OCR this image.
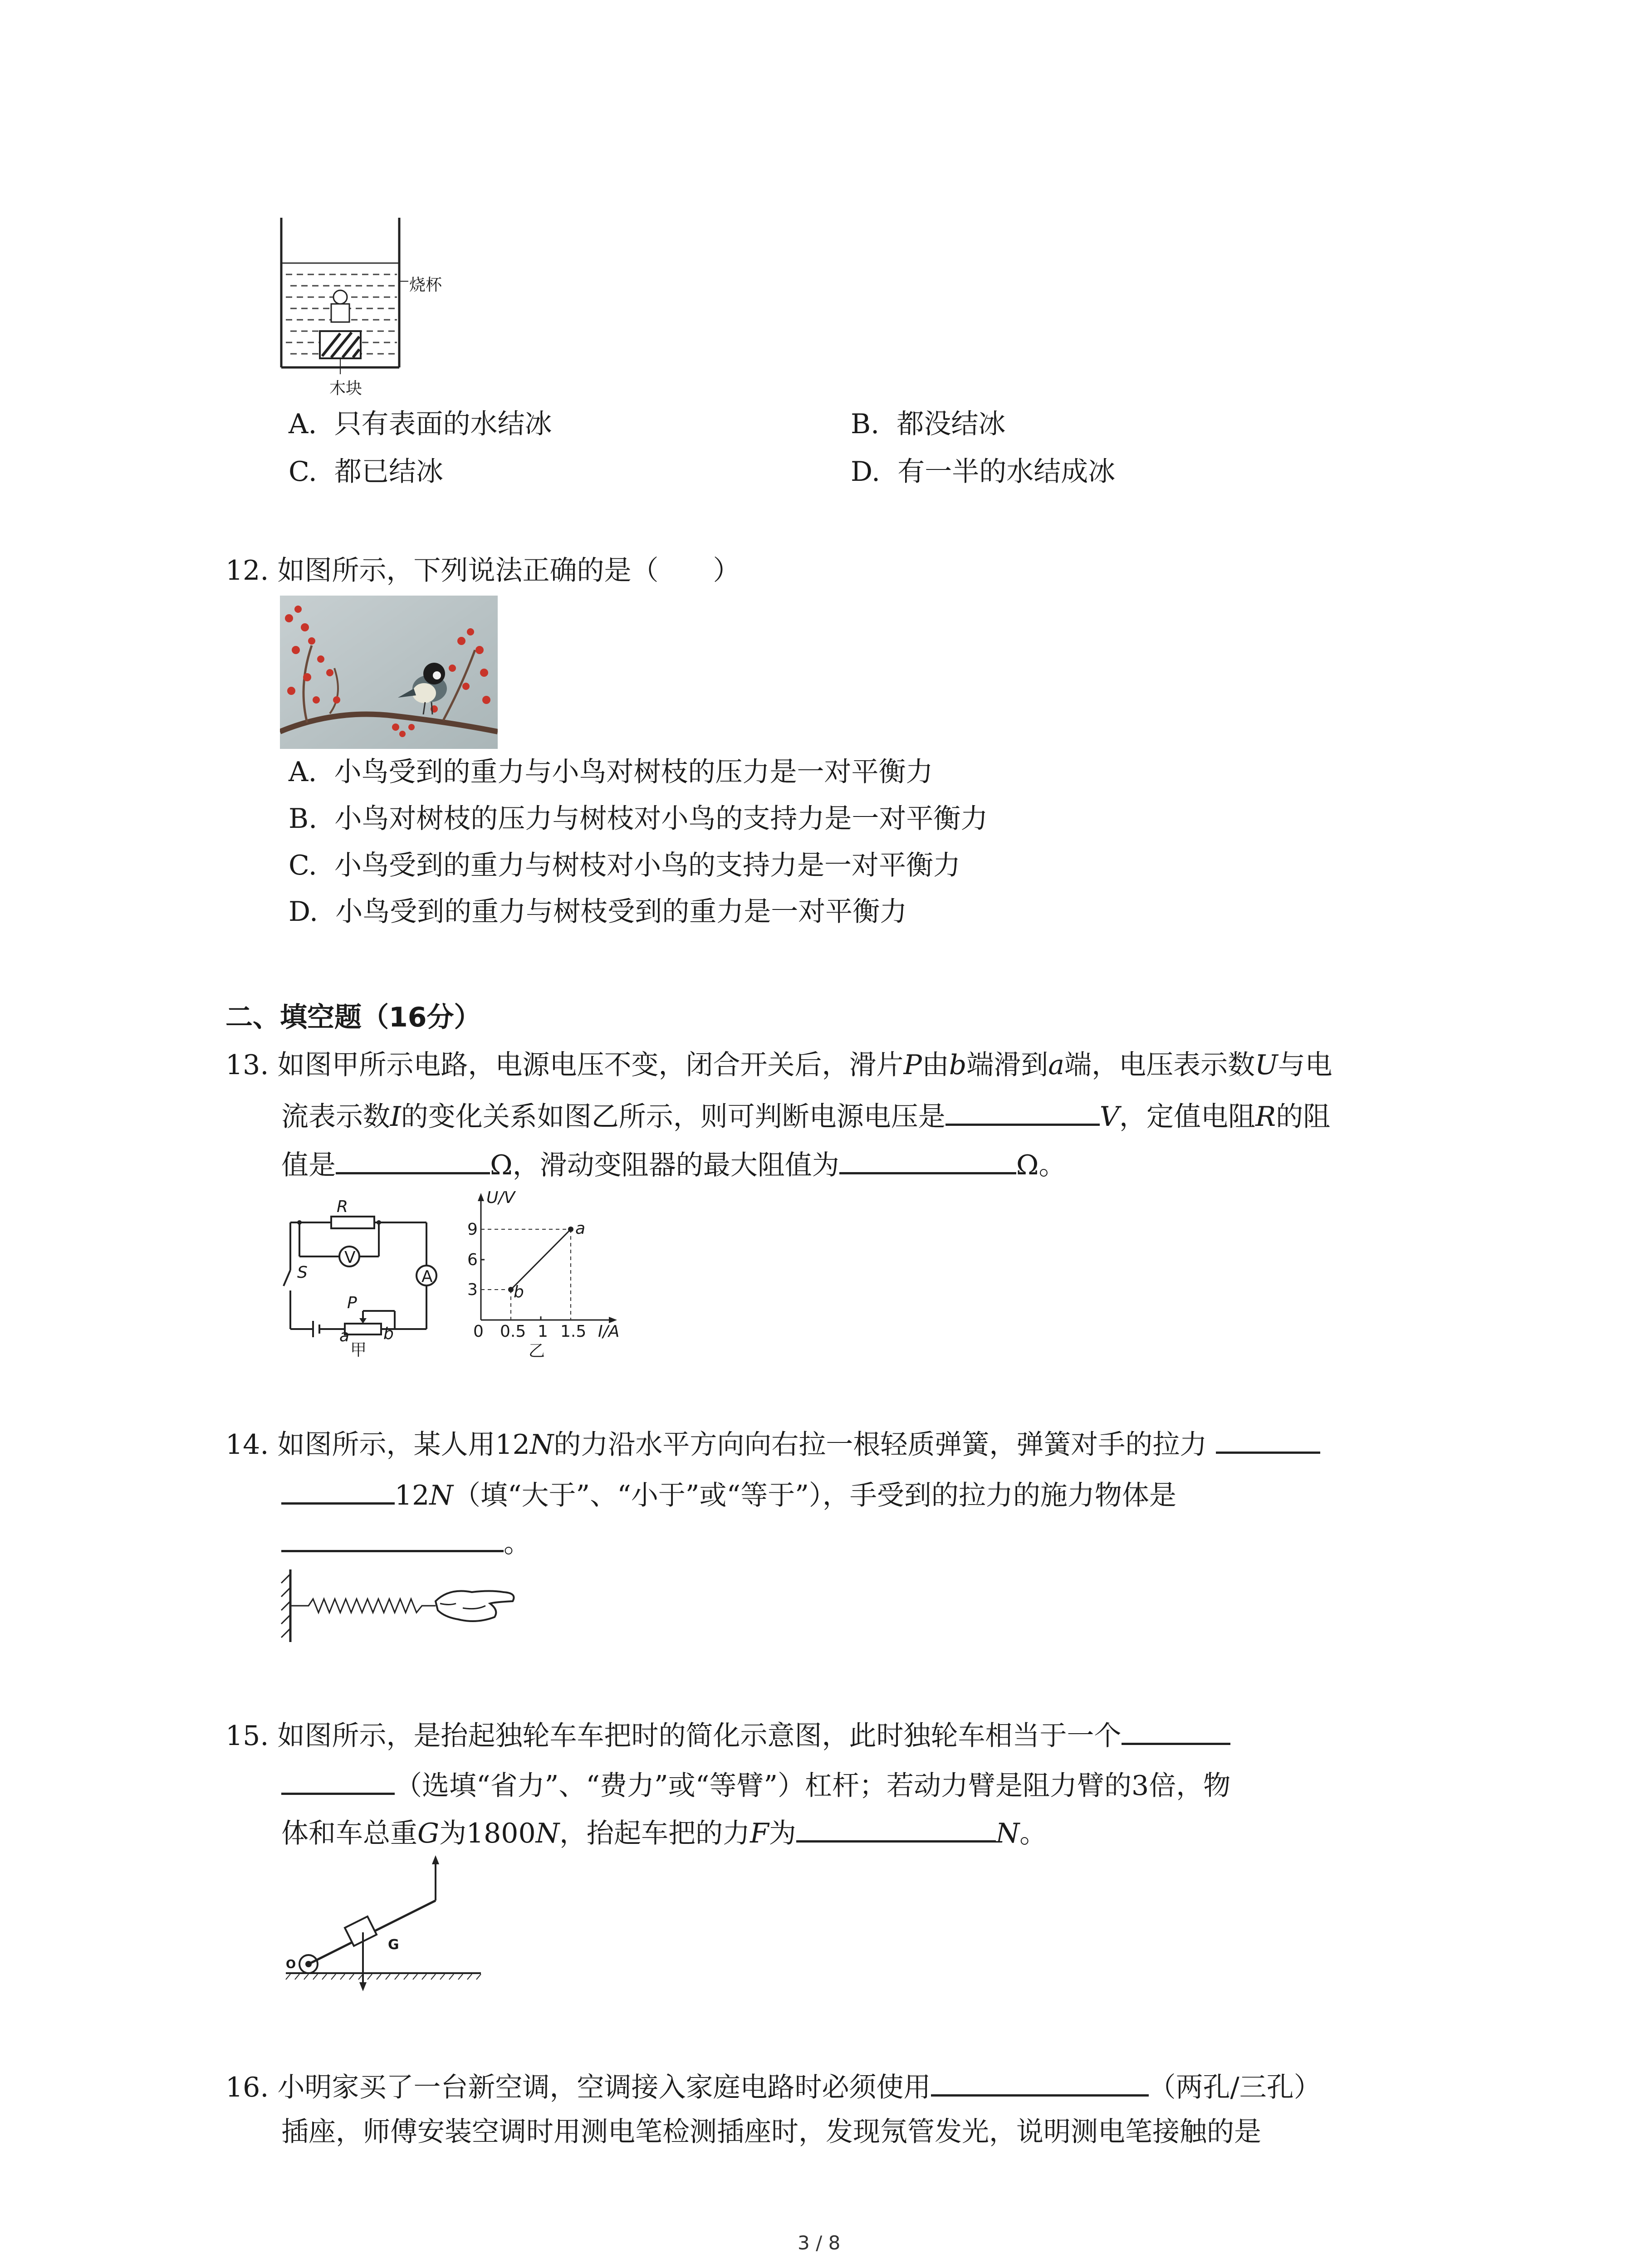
烧杯
木块
A. 只有表面的水结冰	B. 都没结冰
C. 都已结冰	D. 有一半的水结成冰
12. 如图所示，下列说法正确的是（　　）
A. 小鸟受到的重力与小鸟对树枝的压力是一对平衡力
B. 小鸟对树枝的压力与树枝对小鸟的支持力是一对平衡力
C. 小鸟受到的重力与树枝对小鸟的支持力是一对平衡力
D. 小鸟受到的重力与树枝受到的重力是一对平衡力
二、填空题（16分）
13. 如图甲所示电路，电源电压不变，闭合开关后，滑片P由b端滑到a端，电压表示数U与电
流表示数I的变化关系如图乙所示，则可判断电源电压是	V，定值电阻R的阻
值是	Ω，滑动变阻器的最大阻值为	Ω。
R
V
A
S
P
a b
甲
U/V
9
6
3
0 0.5 1 1.5 I/A
a
b
乙
14. 如图所示，某人用12N的力沿水平方向向右拉一根轻质弹簧，弹簧对手的拉力
12N（填“大于”、“小于”或“等于”），手受到的拉力的施力物体是
。
15. 如图所示，是抬起独轮车车把时的简化示意图，此时独轮车相当于一个
（选填“省力”、“费力”或“等臂”）杠杆；若动力臂是阻力臂的3倍，物
体和车总重G为1800N，抬起车把的力F为	N。
G
O
16. 小明家买了一台新空调，空调接入家庭电路时必须使用	（两孔/三孔）
插座，师傅安装空调时用测电笔检测插座时，发现氖管发光，说明测电笔接触的是
3 / 8
